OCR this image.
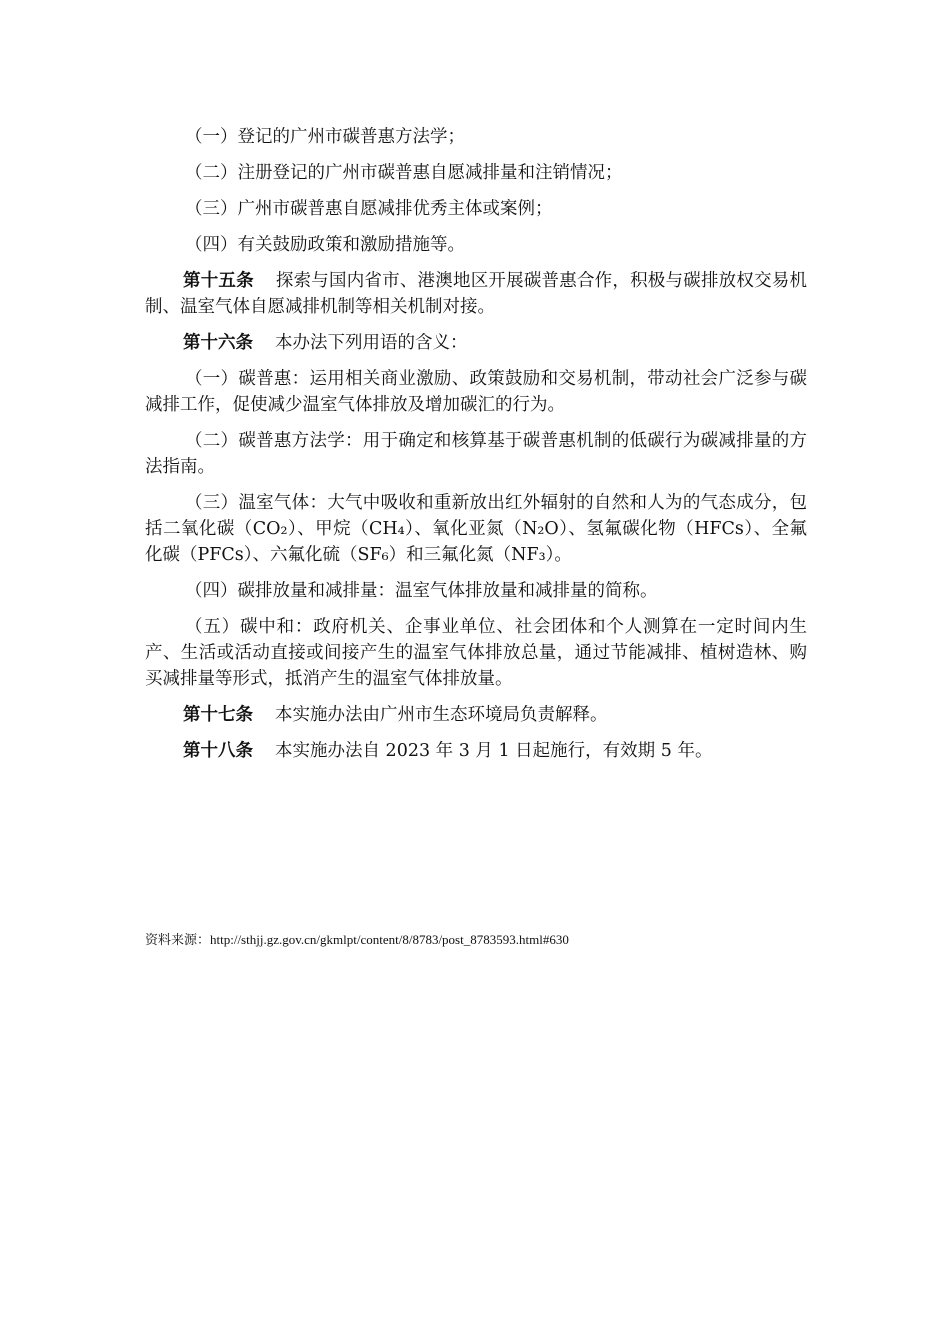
（一）登记的广州市碳普惠方法学；
（二）注册登记的广州市碳普惠自愿减排量和注销情况；
（三）广州市碳普惠自愿减排优秀主体或案例；
（四）有关鼓励政策和激励措施等。
第十五条 探索与国内省市、港澳地区开展碳普惠合作，积极与碳排放权交易机制、温室气体自愿减排机制等相关机制对接。
第十六条 本办法下列用语的含义：
（一）碳普惠：运用相关商业激励、政策鼓励和交易机制，带动社会广泛参与碳减排工作，促使减少温室气体排放及增加碳汇的行为。
（二）碳普惠方法学：用于确定和核算基于碳普惠机制的低碳行为碳减排量的方法指南。
（三）温室气体：大气中吸收和重新放出红外辐射的自然和人为的气态成分，包括二氧化碳（CO₂）、甲烷（CH₄）、氧化亚氮（N₂O）、氢氟碳化物（HFCs）、全氟化碳（PFCs）、六氟化硫（SF₆）和三氟化氮（NF₃）。
（四）碳排放量和减排量：温室气体排放量和减排量的简称。
（五）碳中和：政府机关、企事业单位、社会团体和个人测算在一定时间内生产、生活或活动直接或间接产生的温室气体排放总量，通过节能减排、植树造林、购买减排量等形式，抵消产生的温室气体排放量。
第十七条 本实施办法由广州市生态环境局负责解释。
第十八条 本实施办法自 2023 年 3 月 1 日起施行，有效期 5 年。
资料来源：http://sthjj.gz.gov.cn/gkmlpt/content/8/8783/post_8783593.html#630
